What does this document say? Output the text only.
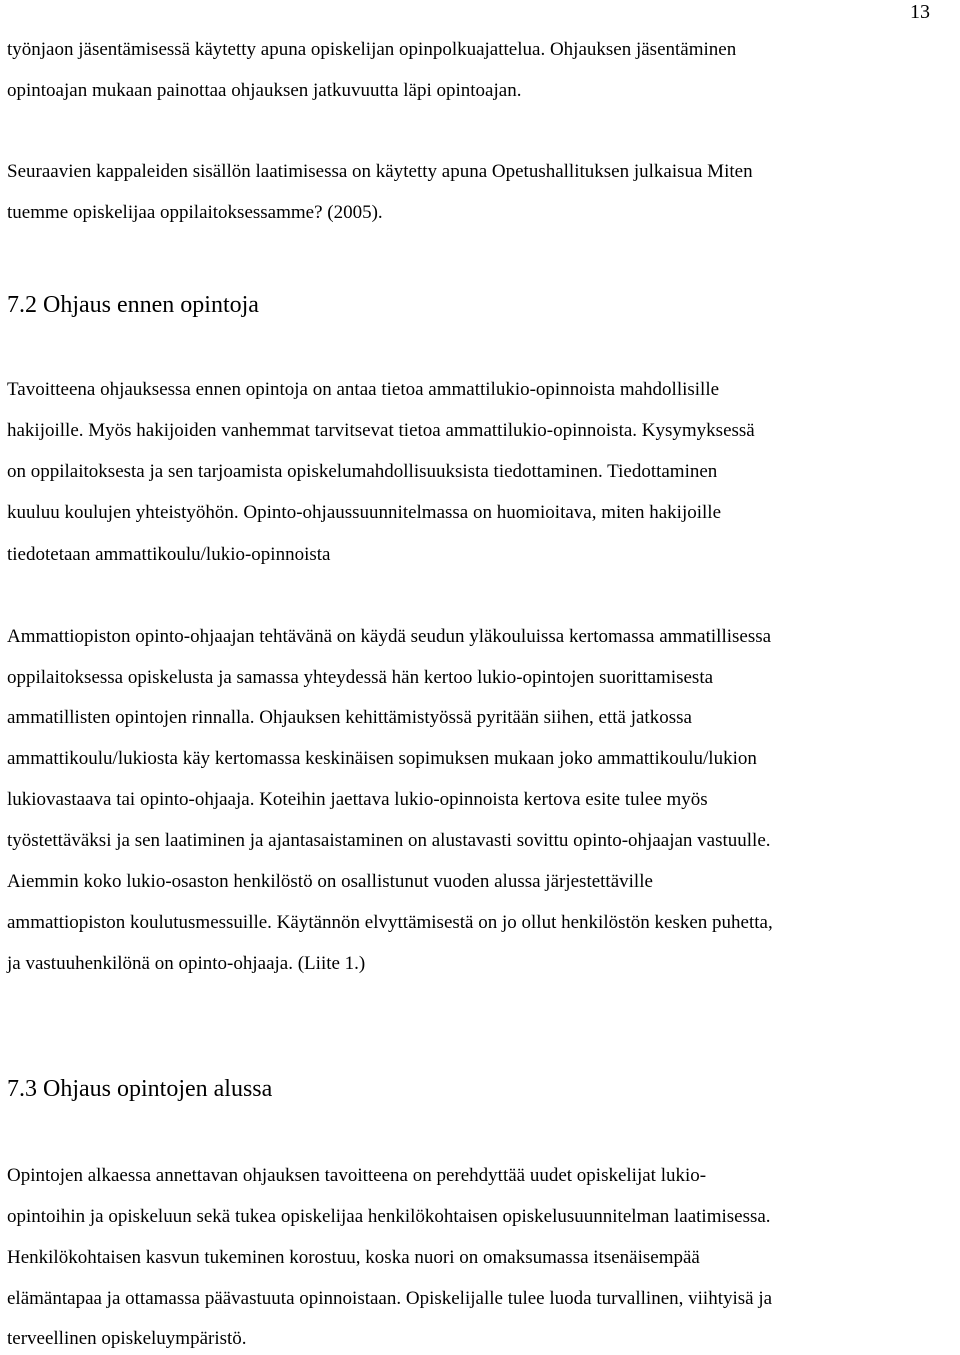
13

työnjaon jäsentämisessä käytetty apuna opiskelijan opinpolkuajattelua. Ohjauksen jäsentäminen

opintoajan mukaan painottaa ohjauksen jatkuvuutta läpi opintoajan.

Seuraavien kappaleiden sisällön laatimisessa on käytetty apuna Opetushallituksen julkaisua Miten

tuemme opiskelijaa oppilaitoksessamme? (2005).

7.2 Ohjaus ennen opintoja

Tavoitteena ohjauksessa ennen opintoja on antaa tietoa ammattilukio-opinnoista mahdollisille

hakijoille. Myös hakijoiden vanhemmat tarvitsevat tietoa ammattilukio-opinnoista. Kysymyksessä

on oppilaitoksesta ja sen tarjoamista opiskelumahdollisuuksista tiedottaminen. Tiedottaminen

kuuluu koulujen yhteistyöhön. Opinto-ohjaussuunnitelmassa on huomioitava, miten hakijoille

tiedotetaan ammattikoulu/lukio-opinnoista

Ammattiopiston opinto-ohjaajan tehtävänä on käydä seudun yläkouluissa kertomassa ammatillisessa

oppilaitoksessa opiskelusta ja samassa yhteydessä hän kertoo lukio-opintojen suorittamisesta

ammatillisten opintojen rinnalla. Ohjauksen kehittämistyössä pyritään siihen, että jatkossa

ammattikoulu/lukiosta käy kertomassa keskinäisen sopimuksen mukaan joko ammattikoulu/lukion

lukiovastaava tai opinto-ohjaaja. Koteihin jaettava lukio-opinnoista kertova esite tulee myös

työstettäväksi ja sen laatiminen ja ajantasaistaminen on alustavasti sovittu opinto-ohjaajan vastuulle.

Aiemmin koko lukio-osaston henkilöstö on osallistunut vuoden alussa järjestettäville

ammattiopiston koulutusmessuille. Käytännön elvyttämisestä on jo ollut henkilöstön kesken puhetta,

ja vastuuhenkilönä on opinto-ohjaaja. (Liite 1.)

7.3 Ohjaus opintojen alussa

Opintojen alkaessa annettavan ohjauksen tavoitteena on perehdyttää uudet opiskelijat lukio-

opintoihin ja opiskeluun sekä tukea opiskelijaa henkilökohtaisen opiskelusuunnitelman laatimisessa.

Henkilökohtaisen kasvun tukeminen korostuu, koska nuori on omaksumassa itsenäisempää

elämäntapaa ja ottamassa päävastuuta opinnoistaan. Opiskelijalle tulee luoda turvallinen, viihtyisä ja

terveellinen opiskeluympäristö.
